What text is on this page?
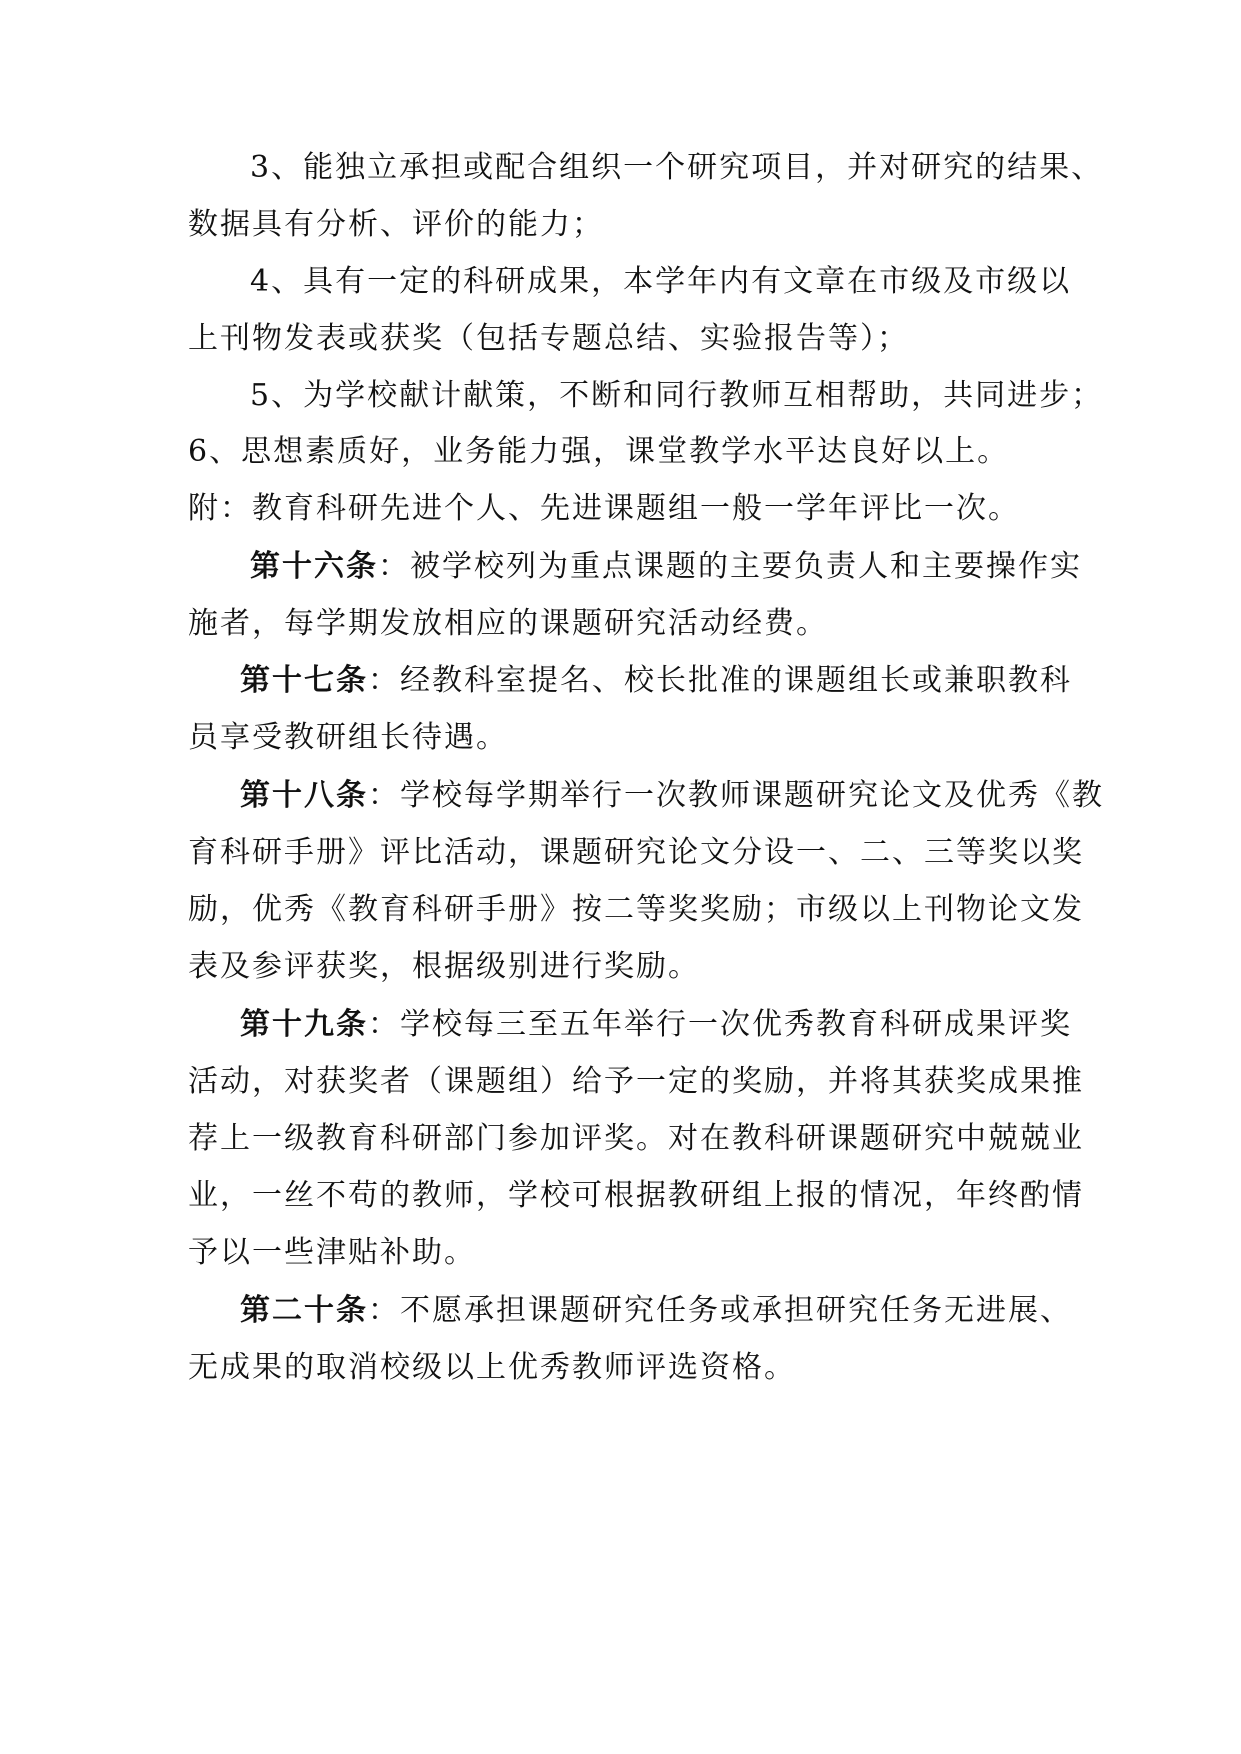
3、能独立承担或配合组织一个研究项目，并对研究的结果、
数据具有分析、评价的能力；
4、具有一定的科研成果，本学年内有文章在市级及市级以
上刊物发表或获奖（包括专题总结、实验报告等）；
5、为学校献计献策，不断和同行教师互相帮助，共同进步；
6、思想素质好，业务能力强，课堂教学水平达良好以上。
附：教育科研先进个人、先进课题组一般一学年评比一次。
第十六条：被学校列为重点课题的主要负责人和主要操作实
施者，每学期发放相应的课题研究活动经费。
第十七条：经教科室提名、校长批准的课题组长或兼职教科
员享受教研组长待遇。
第十八条：学校每学期举行一次教师课题研究论文及优秀《教
育科研手册》评比活动，课题研究论文分设一、二、三等奖以奖
励，优秀《教育科研手册》按二等奖奖励；市级以上刊物论文发
表及参评获奖，根据级别进行奖励。
第十九条：学校每三至五年举行一次优秀教育科研成果评奖
活动，对获奖者（课题组）给予一定的奖励，并将其获奖成果推
荐上一级教育科研部门参加评奖。对在教科研课题研究中兢兢业
业，一丝不苟的教师，学校可根据教研组上报的情况，年终酌情
予以一些津贴补助。
第二十条：不愿承担课题研究任务或承担研究任务无进展、
无成果的取消校级以上优秀教师评选资格。
